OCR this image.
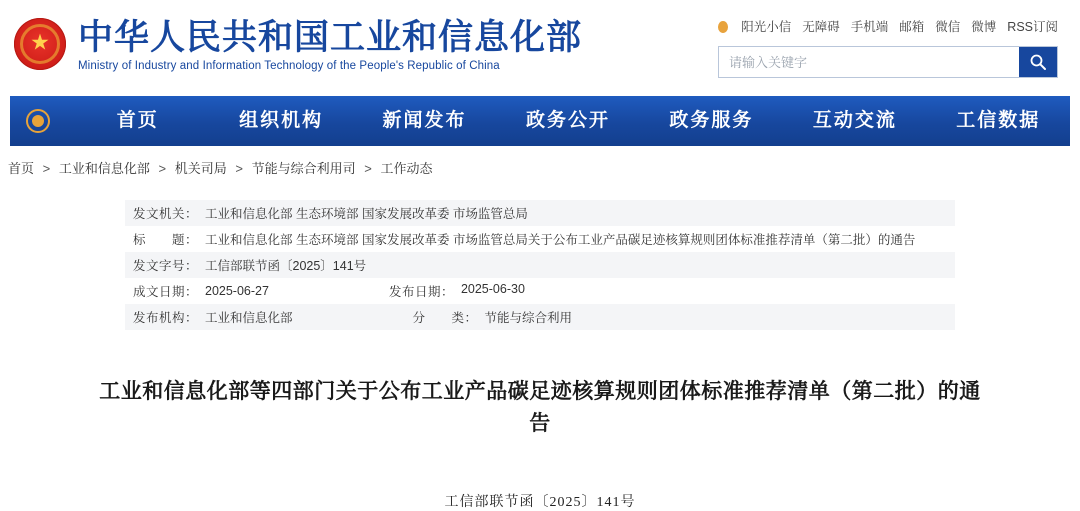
★ 中华人民共和国工业和信息化部
Ministry of Industry and Information Technology of the People's Republic of China
阳光小信 无障碍 手机端 邮箱 微信 微博 RSS订阅
请输入关键字
首页	组织机构	新闻发布	政务公开	政务服务	互动交流	工信数据
首页 > 工业和信息化部 > 机关司局 > 节能与综合利用司 > 工作动态
发文机关： 工业和信息化部 生态环境部 国家发展改革委 市场监管总局
标　　题： 工业和信息化部 生态环境部 国家发展改革委 市场监管总局关于公布工业产品碳足迹核算规则团体标准推荐清单（第二批）的通告
发文字号： 工信部联节函〔2025〕141号
成文日期： 2025-06-27	发布日期： 2025-06-30
发布机构： 工业和信息化部	分　　类： 节能与综合利用
工业和信息化部等四部门关于公布工业产品碳足迹核算规则团体标准推荐清单（第二批）的通告
工信部联节函〔2025〕141号
